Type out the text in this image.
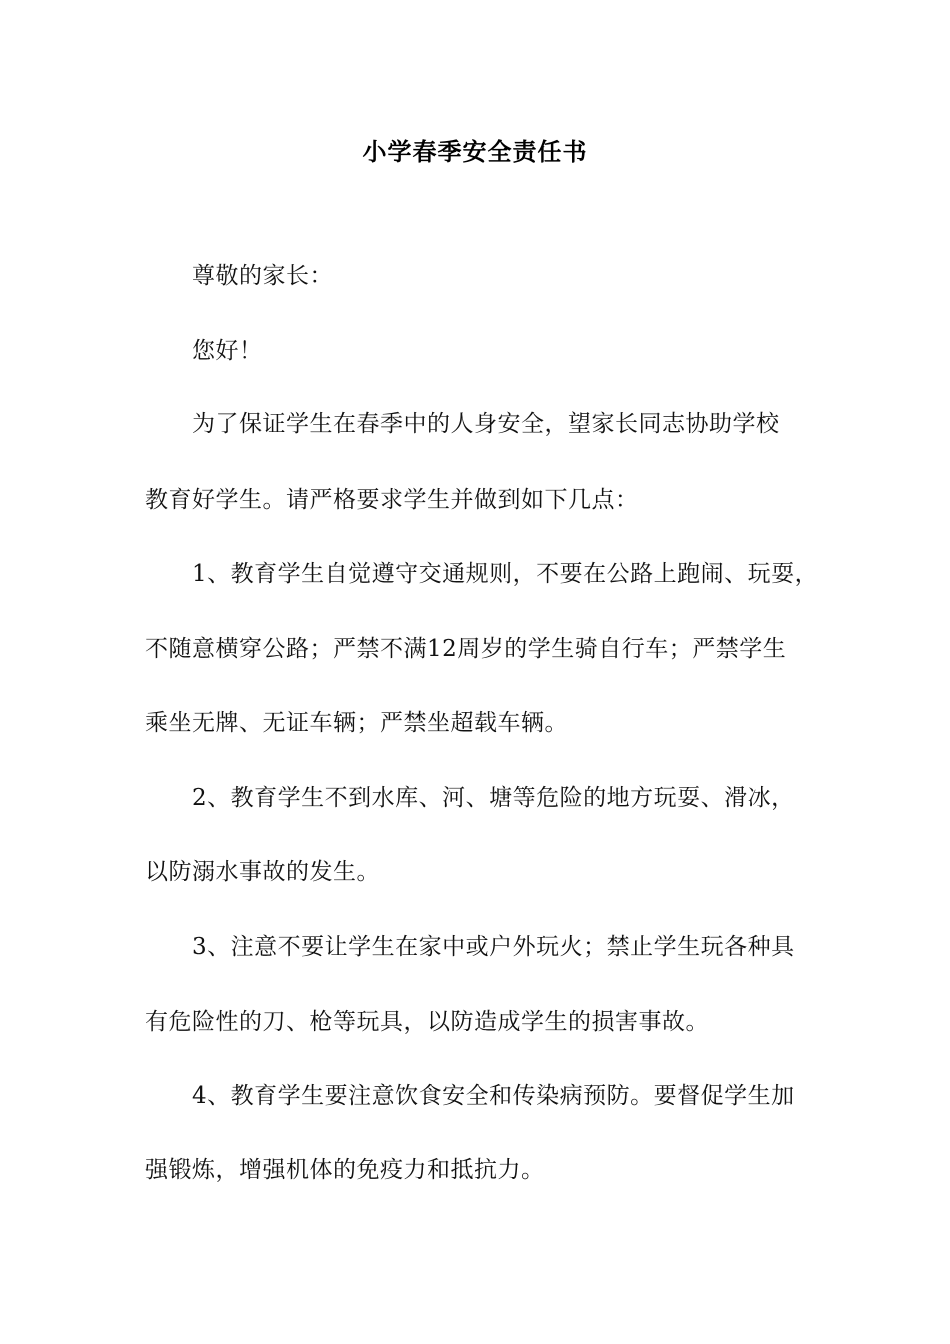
小学春季安全责任书
尊敬的家长：
您好！
为了保证学生在春季中的人身安全，望家长同志协助学校
教育好学生。请严格要求学生并做到如下几点：
1、教育学生自觉遵守交通规则，不要在公路上跑闹、玩耍，
不随意横穿公路；严禁不满12周岁的学生骑自行车；严禁学生
乘坐无牌、无证车辆；严禁坐超载车辆。
2、教育学生不到水库、河、塘等危险的地方玩耍、滑冰，
以防溺水事故的发生。
3、注意不要让学生在家中或户外玩火；禁止学生玩各种具
有危险性的刀、枪等玩具，以防造成学生的损害事故。
4、教育学生要注意饮食安全和传染病预防。要督促学生加
强锻炼，增强机体的免疫力和抵抗力。
